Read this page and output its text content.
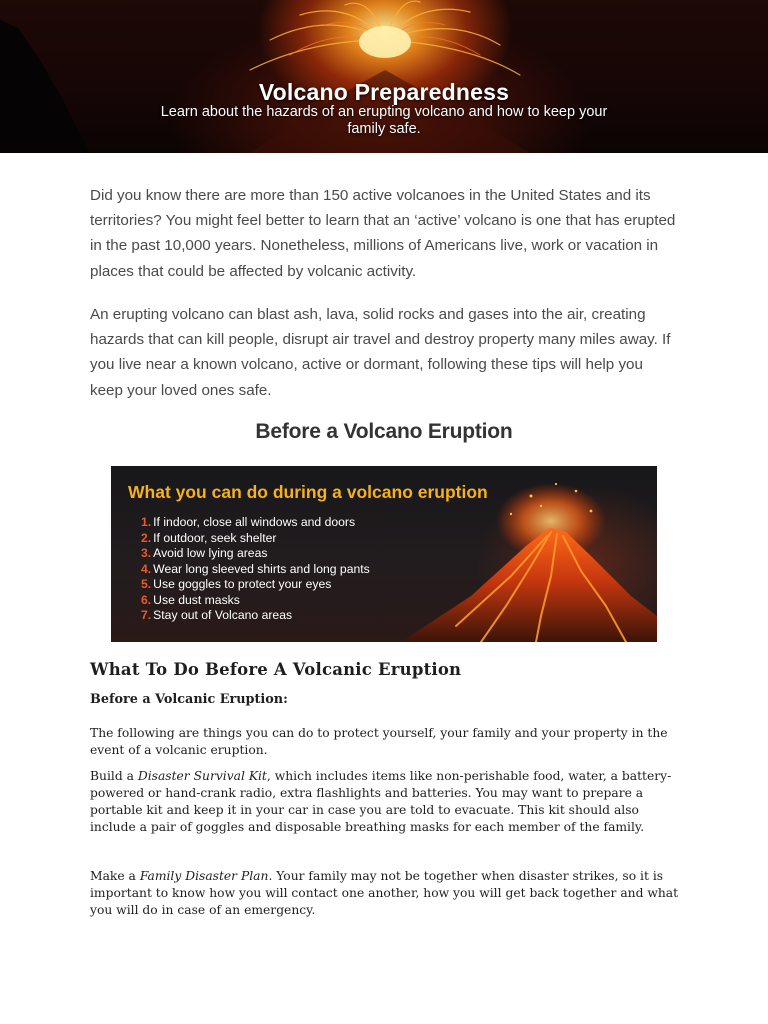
Volcano Preparedness
Learn about the hazards of an erupting volcano and how to keep your family safe.

Did you know there are more than 150 active volcanoes in the United States and its territories? You might feel better to learn that an ‘active’ volcano is one that has erupted in the past 10,000 years. Nonetheless, millions of Americans live, work or vacation in places that could be affected by volcanic activity.

An erupting volcano can blast ash, lava, solid rocks and gases into the air, creating hazards that can kill people, disrupt air travel and destroy property many miles away. If you live near a known volcano, active or dormant, following these tips will help you keep your loved ones safe.

Before a Volcano Eruption
What you can do during a volcano eruption
1. If indoor, close all windows and doors
2. If outdoor, seek shelter
3. Avoid low lying areas
4. Wear long sleeved shirts and long pants
5. Use goggles to protect your eyes
6. Use dust masks
7. Stay out of Volcano areas
What To Do Before A Volcanic Eruption
Before a Volcanic Eruption:

The following are things you can do to protect yourself, your family and your property in the event of a volcanic eruption.

Build a Disaster Survival Kit, which includes items like non-perishable food, water, a battery-powered or hand-crank radio, extra flashlights and batteries. You may want to prepare a portable kit and keep it in your car in case you are told to evacuate. This kit should also include a pair of goggles and disposable breathing masks for each member of the family.

Make a Family Disaster Plan. Your family may not be together when disaster strikes, so it is important to know how you will contact one another, how you will get back together and what you will do in case of an emergency.
